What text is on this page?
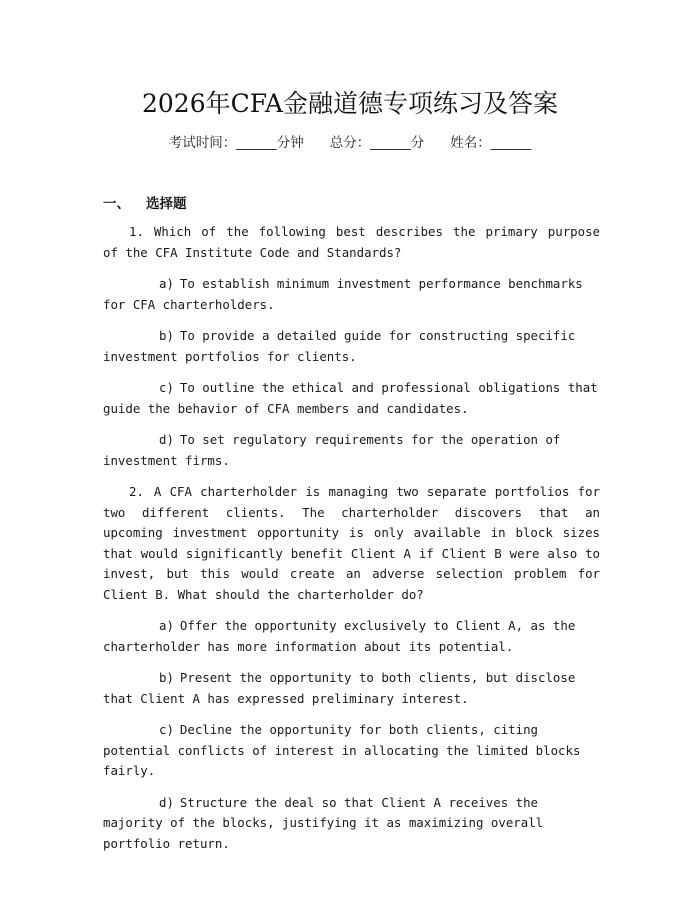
2026年CFA金融道德专项练习及答案
考试时间：______分钟 总分：______分 姓名：______
一、 选择题

1. Which of the following best describes the primary purpose of the CFA Institute Code and Standards?

a) To establish minimum investment performance benchmarks for CFA charterholders.

b) To provide a detailed guide for constructing specific investment portfolios for clients.

c) To outline the ethical and professional obligations that guide the behavior of CFA members and candidates.

d) To set regulatory requirements for the operation of investment firms.

2. A CFA charterholder is managing two separate portfolios for two different clients. The charterholder discovers that an upcoming investment opportunity is only available in block sizes that would significantly benefit Client A if Client B were also to invest, but this would create an adverse selection problem for Client B. What should the charterholder do?

a) Offer the opportunity exclusively to Client A, as the charterholder has more information about its potential.

b) Present the opportunity to both clients, but disclose that Client A has expressed preliminary interest.

c) Decline the opportunity for both clients, citing potential conflicts of interest in allocating the limited blocks fairly.

d) Structure the deal so that Client A receives the majority of the blocks, justifying it as maximizing overall portfolio return.
